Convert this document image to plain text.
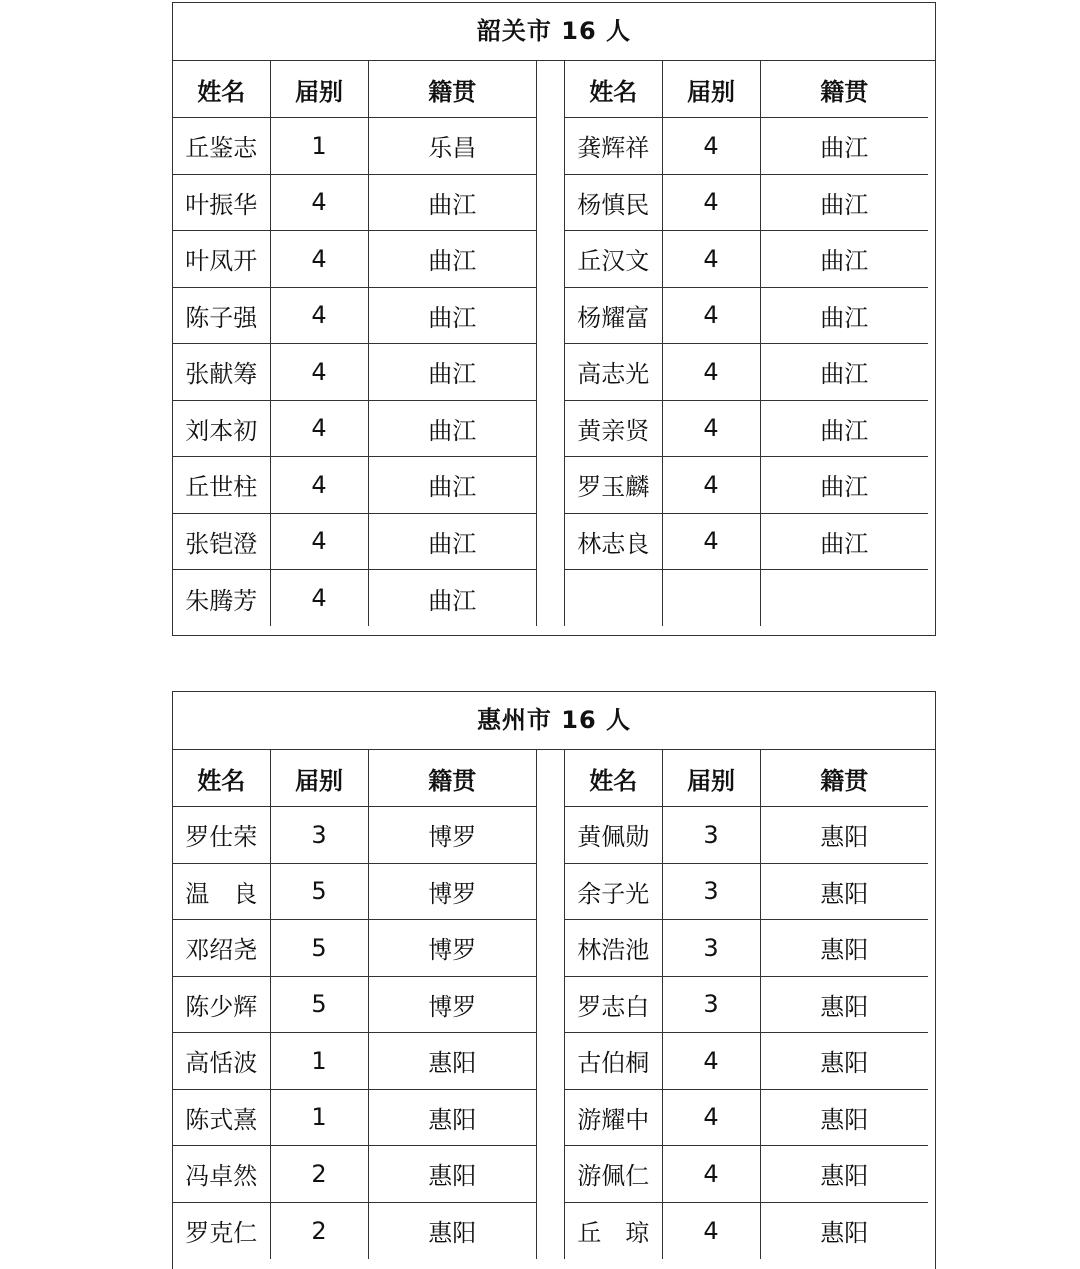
韶关市 16 人
姓名	届别	籍贯
丘鉴志	1	乐昌
叶振华	4	曲江
叶凤开	4	曲江
陈子强	4	曲江
张献筹	4	曲江
刘本初	4	曲江
丘世柱	4	曲江
张铠澄	4	曲江
朱腾芳	4	曲江
姓名	届别	籍贯
龚辉祥	4	曲江
杨慎民	4	曲江
丘汉文	4	曲江
杨耀富	4	曲江
高志光	4	曲江
黄亲贤	4	曲江
罗玉麟	4	曲江
林志良	4	曲江

惠州市 16 人
姓名	届别	籍贯
罗仕荣	3	博罗
温　良	5	博罗
邓绍尧	5	博罗
陈少辉	5	博罗
高恬波	1	惠阳
陈式熹	1	惠阳
冯卓然	2	惠阳
罗克仁	2	惠阳
姓名	届别	籍贯
黄佩勋	3	惠阳
余子光	3	惠阳
林浩池	3	惠阳
罗志白	3	惠阳
古伯桐	4	惠阳
游耀中	4	惠阳
游佩仁	4	惠阳
丘　琼	4	惠阳
